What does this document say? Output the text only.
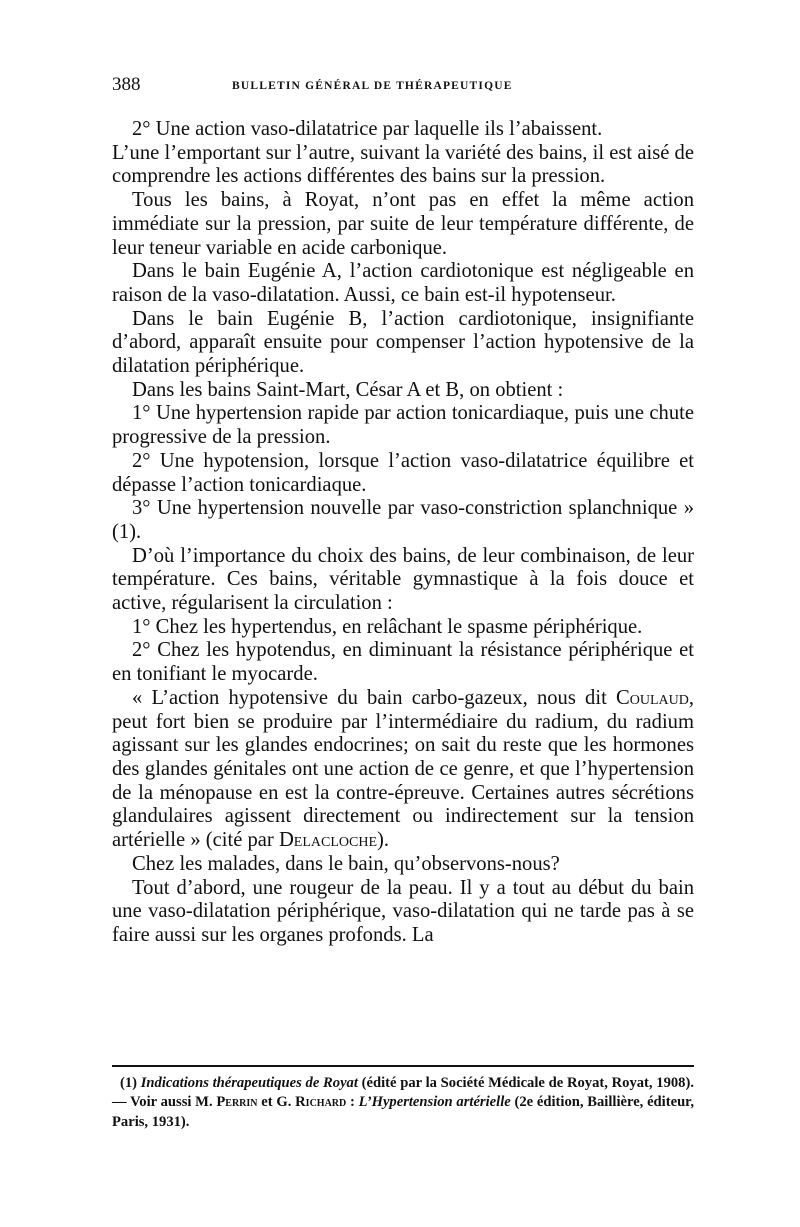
388	BULLETIN GÉNÉRAL DE THÉRAPEUTIQUE

2° Une action vaso-dilatatrice par laquelle ils l’abaissent.

L’une l’emportant sur l’autre, suivant la variété des bains, il est aisé de comprendre les actions différentes des bains sur la pression.

Tous les bains, à Royat, n’ont pas en effet la même action immédiate sur la pression, par suite de leur température différente, de leur teneur variable en acide carbonique.

Dans le bain Eugénie A, l’action cardiotonique est négligeable en raison de la vaso-dilatation. Aussi, ce bain est-il hypotenseur.

Dans le bain Eugénie B, l’action cardiotonique, insignifiante d’abord, apparaît ensuite pour compenser l’action hypotensive de la dilatation périphérique.

Dans les bains Saint-Mart, César A et B, on obtient :

1° Une hypertension rapide par action tonicardiaque, puis une chute progressive de la pression.

2° Une hypotension, lorsque l’action vaso-dilatatrice équilibre et dépasse l’action tonicardiaque.

3° Une hypertension nouvelle par vaso-constriction splanchnique » (1).

D’où l’importance du choix des bains, de leur combinaison, de leur température. Ces bains, véritable gymnastique à la fois douce et active, régularisent la circulation :

1° Chez les hypertendus, en relâchant le spasme périphérique.

2° Chez les hypotendus, en diminuant la résistance périphérique et en tonifiant le myocarde.

« L’action hypotensive du bain carbo-gazeux, nous dit Coulaud, peut fort bien se produire par l’intermédiaire du radium, du radium agissant sur les glandes endocrines; on sait du reste que les hormones des glandes génitales ont une action de ce genre, et que l’hypertension de la ménopause en est la contre-épreuve. Certaines autres sécrétions glandulaires agissent directement ou indirectement sur la tension artérielle » (cité par Delacloche).

Chez les malades, dans le bain, qu’observons-nous?

Tout d’abord, une rougeur de la peau. Il y a tout au début du bain une vaso-dilatation périphérique, vaso-dilatation qui ne tarde pas à se faire aussi sur les organes profonds. La

(1) Indications thérapeutiques de Royat (édité par la Société Médicale de Royat, Royat, 1908). — Voir aussi M. Perrin et G. Richard : L’Hypertension artérielle (2e édition, Baillière, éditeur, Paris, 1931).
